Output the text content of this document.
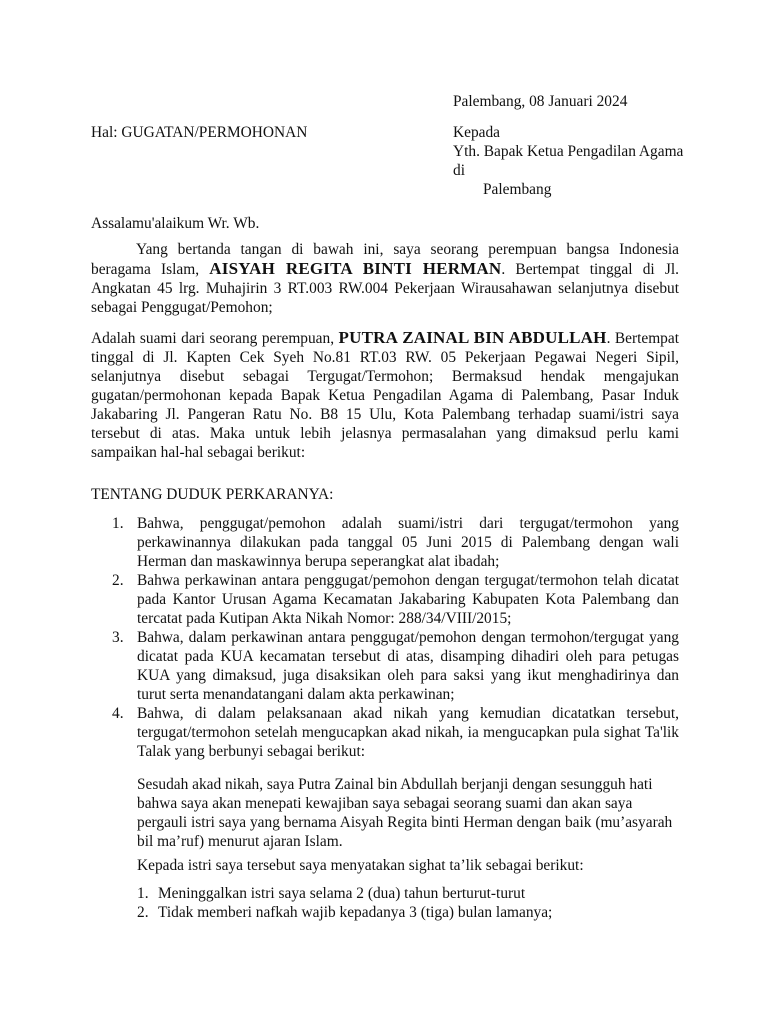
Palembang, 08 Januari 2024

Hal: GUGATAN/PERMOHONAN	Kepada
Yth. Bapak Ketua Pengadilan Agama
di
Palembang

Assalamu'alaikum Wr. Wb.

Yang bertanda tangan di bawah ini, saya seorang perempuan bangsa Indonesia beragama Islam, AISYAH REGITA BINTI HERMAN. Bertempat tinggal di Jl. Angkatan 45 lrg. Muhajirin 3 RT.003 RW.004 Pekerjaan Wirausahawan selanjutnya disebut sebagai Penggugat/Pemohon;

Adalah suami dari seorang perempuan, PUTRA ZAINAL BIN ABDULLAH. Bertempat tinggal di Jl. Kapten Cek Syeh No.81 RT.03 RW. 05 Pekerjaan Pegawai Negeri Sipil, selanjutnya disebut sebagai Tergugat/Termohon; Bermaksud hendak mengajukan gugatan/permohonan kepada Bapak Ketua Pengadilan Agama di Palembang, Pasar Induk Jakabaring Jl. Pangeran Ratu No. B8 15 Ulu, Kota Palembang terhadap suami/istri saya tersebut di atas. Maka untuk lebih jelasnya permasalahan yang dimaksud perlu kami sampaikan hal-hal sebagai berikut:

TENTANG DUDUK PERKARANYA:

1. Bahwa, penggugat/pemohon adalah suami/istri dari tergugat/termohon yang perkawinannya dilakukan pada tanggal 05 Juni 2015 di Palembang dengan wali Herman dan maskawinnya berupa seperangkat alat ibadah;

2. Bahwa perkawinan antara penggugat/pemohon dengan tergugat/termohon telah dicatat pada Kantor Urusan Agama Kecamatan Jakabaring Kabupaten Kota Palembang dan tercatat pada Kutipan Akta Nikah Nomor: 288/34/VIII/2015;

3. Bahwa, dalam perkawinan antara penggugat/pemohon dengan termohon/tergugat yang dicatat pada KUA kecamatan tersebut di atas, disamping dihadiri oleh para petugas KUA yang dimaksud, juga disaksikan oleh para saksi yang ikut menghadirinya dan turut serta menandatangani dalam akta perkawinan;

4. Bahwa, di dalam pelaksanaan akad nikah yang kemudian dicatatkan tersebut, tergugat/termohon setelah mengucapkan akad nikah, ia mengucapkan pula sighat Ta'lik Talak yang berbunyi sebagai berikut:

Sesudah akad nikah, saya Putra Zainal bin Abdullah berjanji dengan sesungguh hati bahwa saya akan menepati kewajiban saya sebagai seorang suami dan akan saya pergauli istri saya yang bernama Aisyah Regita binti Herman dengan baik (mu’asyarah bil ma’ruf) menurut ajaran Islam.

Kepada istri saya tersebut saya menyatakan sighat ta’lik sebagai berikut:

1. Meninggalkan istri saya selama 2 (dua) tahun berturut-turut
2. Tidak memberi nafkah wajib kepadanya 3 (tiga) bulan lamanya;
